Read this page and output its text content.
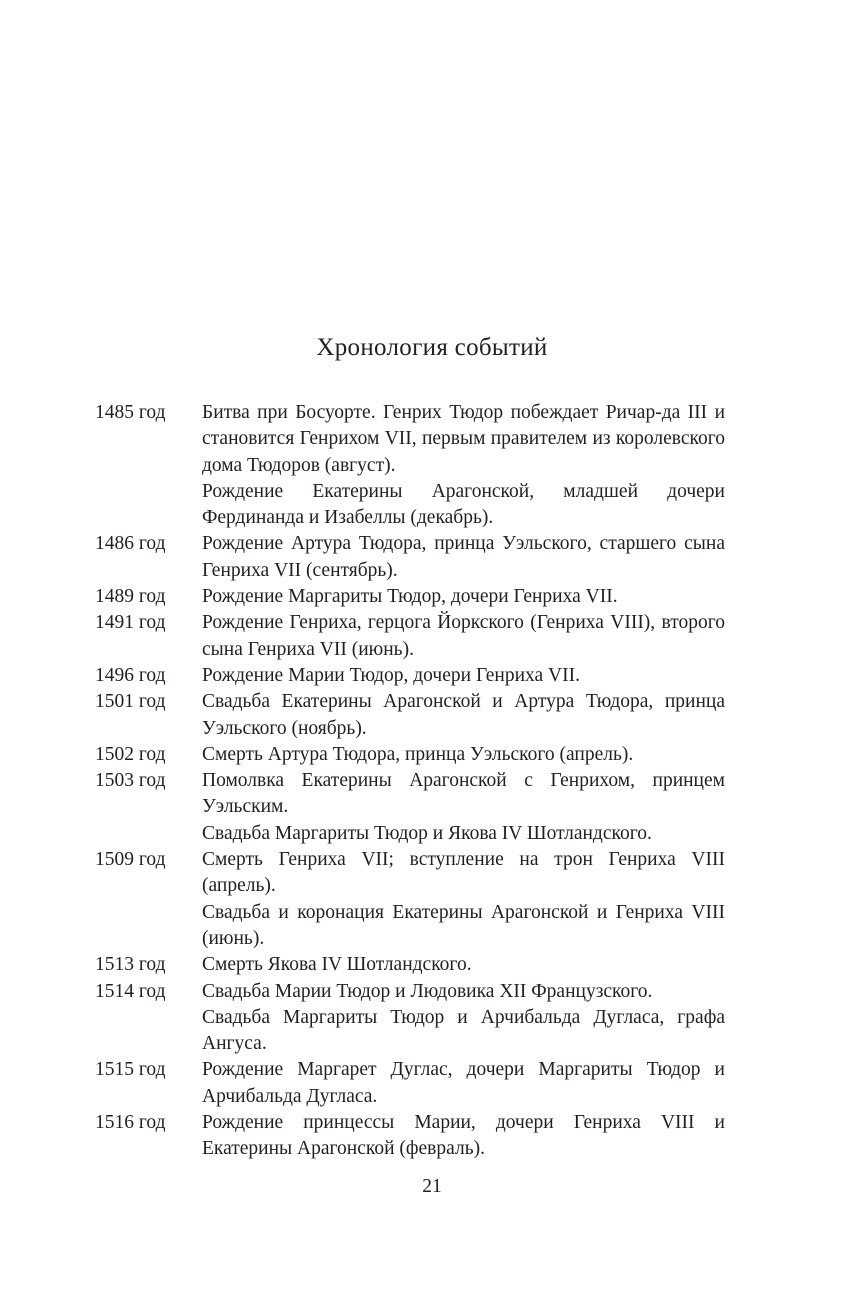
Хронология событий
1485 год	Битва при Босуорте. Генрих Тюдор побеждает Ричар-да III и становится Генрихом VII, первым правителем из королевского дома Тюдоров (август).
Рождение Екатерины Арагонской, младшей дочери Фердинанда и Изабеллы (декабрь).
1486 год	Рождение Артура Тюдора, принца Уэльского, старшего сына Генриха VII (сентябрь).
1489 год	Рождение Маргариты Тюдор, дочери Генриха VII.
1491 год	Рождение Генриха, герцога Йоркского (Генриха VIII), второго сына Генриха VII (июнь).
1496 год	Рождение Марии Тюдор, дочери Генриха VII.
1501 год	Свадьба Екатерины Арагонской и Артура Тюдора, принца Уэльского (ноябрь).
1502 год	Смерть Артура Тюдора, принца Уэльского (апрель).
1503 год	Помолвка Екатерины Арагонской с Генрихом, принцем Уэльским.
Свадьба Маргариты Тюдор и Якова IV Шотландского.
1509 год	Смерть Генриха VII; вступление на трон Генриха VIII (апрель).
Свадьба и коронация Екатерины Арагонской и Генриха VIII (июнь).
1513 год	Смерть Якова IV Шотландского.
1514 год	Свадьба Марии Тюдор и Людовика XII Французского.
Свадьба Маргариты Тюдор и Арчибальда Дугласа, графа Ангуса.
1515 год	Рождение Маргарет Дуглас, дочери Маргариты Тюдор и Арчибальда Дугласа.
1516 год	Рождение принцессы Марии, дочери Генриха VIII и Екатерины Арагонской (февраль).
21
